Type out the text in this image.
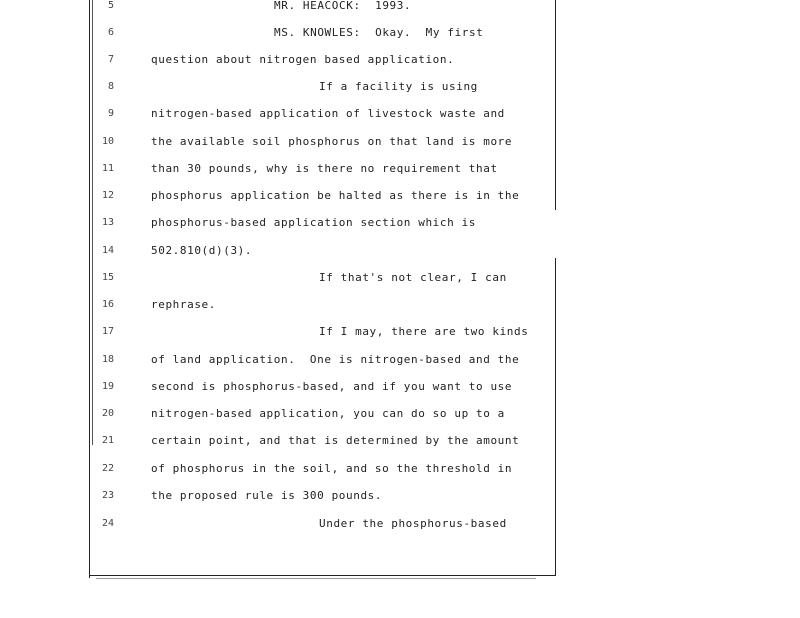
5	MR. HEACOCK:  1993.
6	MS. KNOWLES:  Okay.  My first
7	question about nitrogen based application.
8	If a facility is using
9	nitrogen-based application of livestock waste and
10	the available soil phosphorus on that land is more
11	than 30 pounds, why is there no requirement that
12	phosphorus application be halted as there is in the
13	phosphorus-based application section which is
14	502.810(d)(3).
15	If that's not clear, I can
16	rephrase.
17	If I may, there are two kinds
18	of land application.  One is nitrogen-based and the
19	second is phosphorus-based, and if you want to use
20	nitrogen-based application, you can do so up to a
21	certain point, and that is determined by the amount
22	of phosphorus in the soil, and so the threshold in
23	the proposed rule is 300 pounds.
24	Under the phosphorus-based
